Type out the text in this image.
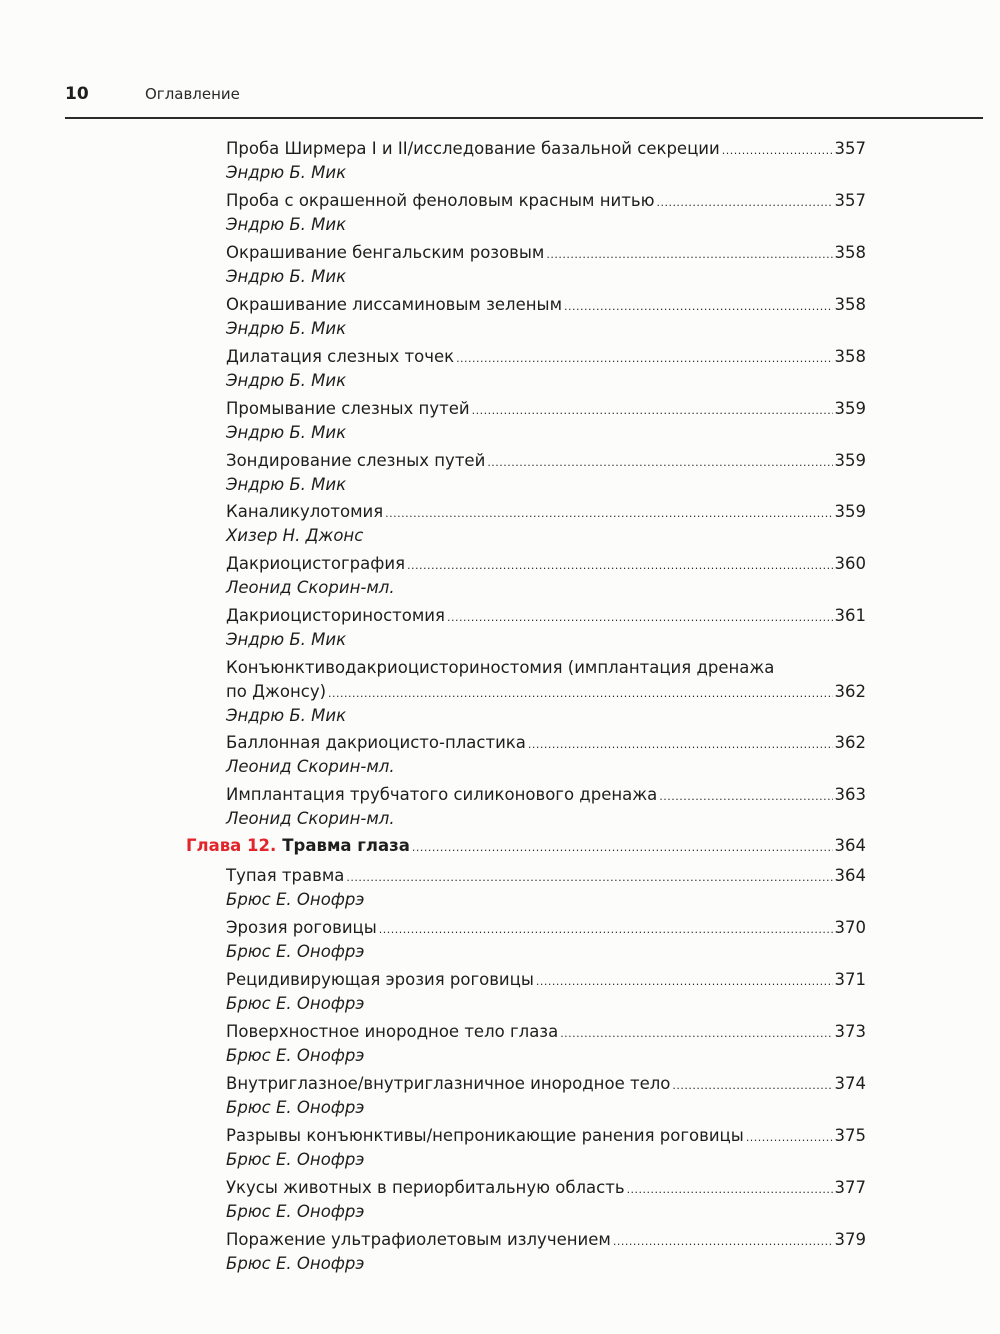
10	Оглавление
Проба Ширмера I и II/исследование базальной секреции .....	357
Эндрю Б. Мик
Проба с окрашенной феноловым красным нитью .....	357
Эндрю Б. Мик
Окрашивание бенгальским розовым .....	358
Эндрю Б. Мик
Окрашивание лиссаминовым зеленым .....	358
Эндрю Б. Мик
Дилатация слезных точек .....	358
Эндрю Б. Мик
Промывание слезных путей .....	359
Эндрю Б. Мик
Зондирование слезных путей .....	359
Эндрю Б. Мик
Каналикулотомия .....	359
Хизер Н. Джонс
Дакриоцистография .....	360
Леонид Скорин-мл.
Дакриоцисториностомия .....	361
Эндрю Б. Мик
Конъюнктиводакриоцисториностомия (имплантация дренажа
по Джонсу) .....	362
Эндрю Б. Мик
Баллонная дакриоцисто-пластика .....	362
Леонид Скорин-мл.
Имплантация трубчатого силиконового дренажа .....	363
Леонид Скорин-мл.
Глава 12. Травма глаза .....	364
Тупая травма .....	364
Брюс Е. Онофрэ
Эрозия роговицы .....	370
Брюс Е. Онофрэ
Рецидивирующая эрозия роговицы .....	371
Брюс Е. Онофрэ
Поверхностное инородное тело глаза .....	373
Брюс Е. Онофрэ
Внутриглазное/внутриглазничное инородное тело .....	374
Брюс Е. Онофрэ
Разрывы конъюнктивы/непроникающие ранения роговицы .....	375
Брюс Е. Онофрэ
Укусы животных в периорбитальную область .....	377
Брюс Е. Онофрэ
Поражение ультрафиолетовым излучением .....	379
Брюс Е. Онофрэ
